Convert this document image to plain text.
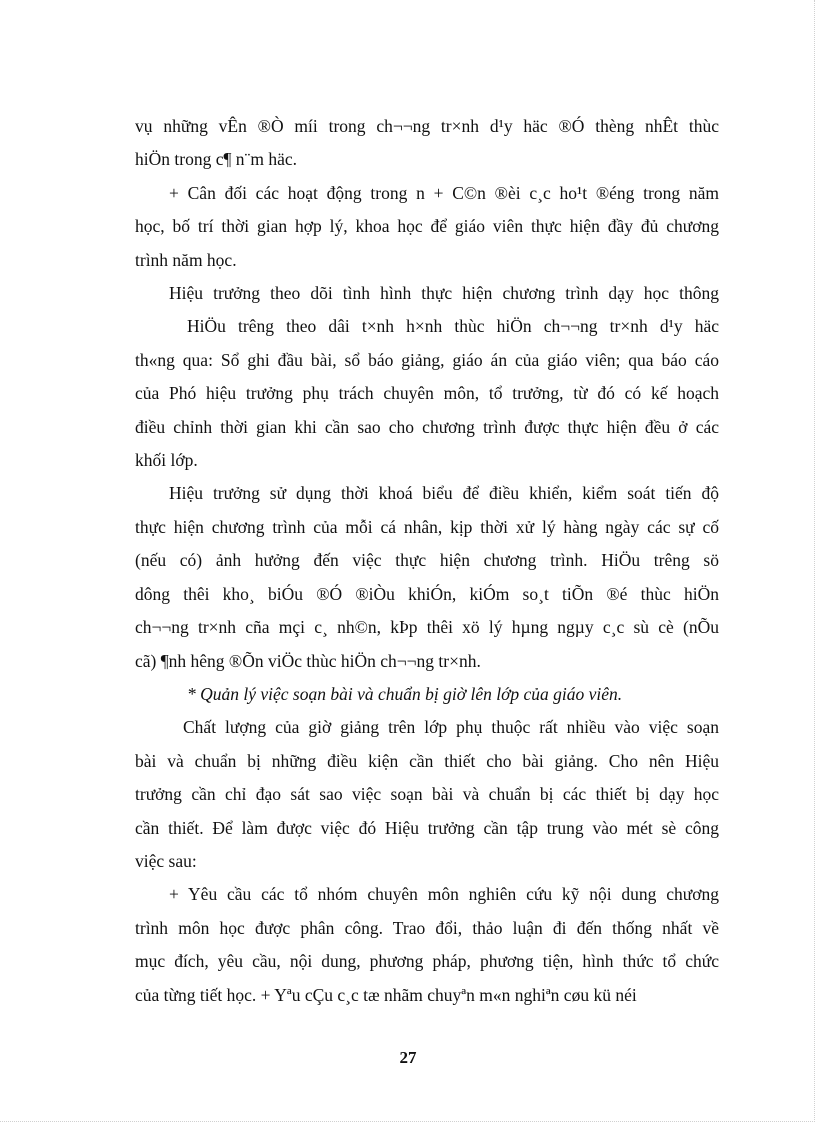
vụ những vÊn ®Ò míi trong ch¬¬ng tr×nh d¹y häc ®Ó thèng nhÊt thùc
hiÖn trong c¶ n¨m häc.

+ Cân đối các hoạt động trong n + C©n ®èi c¸c ho¹t ®éng trong năm
học, bố trí thời gian hợp lý, khoa học để giáo viên thực hiện đầy đủ chương
trình năm học.

Hiệu trưởng theo dõi tình hình thực hiện chương trình dạy học thông
HiÖu trêng theo dâi t×nh h×nh thùc hiÖn ch¬¬ng tr×nh d¹y häc
th«ng qua: Sổ ghi đầu bài, sổ báo giảng, giáo án của giáo viên; qua báo cáo
của Phó hiệu trưởng phụ trách chuyên môn, tổ trưởng, từ đó có kế hoạch
điều chỉnh thời gian khi cần sao cho chương trình được thực hiện đều ở các
khối lớp.

Hiệu trưởng sử dụng thời khoá biểu để điều khiển, kiểm soát tiến độ
thực hiện chương trình của mỗi cá nhân, kịp thời xử lý hàng ngày các sự cố
(nếu có) ảnh hưởng đến việc thực hiện chương trình. HiÖu trêng sö
dông thêi kho¸ biÓu ®Ó ®iÒu khiÓn, kiÓm so¸t tiÕn ®é thùc hiÖn
ch¬¬ng tr×nh cña mçi c¸ nh©n, kÞp thêi xö lý hµng ngµy c¸c sù cè (nÕu
cã) ¶nh hêng ®Õn viÖc thùc hiÖn ch¬¬ng tr×nh.

* Quản lý việc soạn bài và chuẩn bị giờ lên lớp của giáo viên.

Chất lượng của giờ giảng trên lớp phụ thuộc rất nhiều vào việc soạn
bài và chuẩn bị những điều kiện cần thiết cho bài giảng. Cho nên Hiệu
trưởng cần chỉ đạo sát sao việc soạn bài và chuẩn bị các thiết bị dạy học
cần thiết. Để làm được việc đó Hiệu trưởng cần tập trung vào mét sè công
việc sau:

+ Yêu cầu các tổ nhóm chuyên môn nghiên cứu kỹ nội dung chương
trình môn học được phân công. Trao đổi, thảo luận đi đến thống nhất về
mục đích, yêu cầu, nội dung, phương pháp, phương tiện, hình thức tổ chức
của từng tiết học. + Yªu cÇu c¸c tæ nhãm chuyªn m«n nghiªn cøu kü néi

27
